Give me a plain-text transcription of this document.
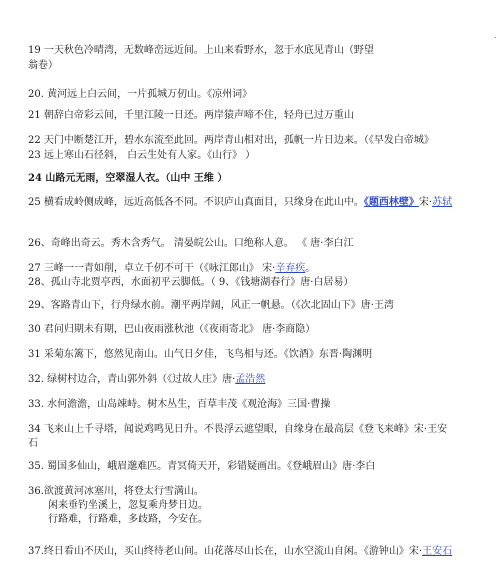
19 一天秋色冷晴湾，无数峰峦远近间。上山来看野水，忽于水底见青山（野望
翁卷）
20. 黄河远上白云间，一片孤城万仞山。《凉州词》
21 朝辞白帝彩云间，千里江陵一日还。两岸猿声啼不住，轻舟已过万重山
22 天门中断楚江开，碧水东流至此回。两岸青山相对出，孤帆一片日边来。（《早发白帝城》
23 远上寒山石径斜， 白云生处有人家。《山行》 ）
24 山路元无雨，空翠湿人衣。（山中 王维 ）
25 横看成岭侧成峰，远近高低各不同。不识庐山真面目，只缘身在此山中。《题西林壁》宋·苏轼
26、奇峰出奇云。秀木含秀气。 清晏皖公山。口绝称人意。 《 唐·李白江
27 三峰一一青如削，卓立千仞不可干（《咏江郎山》 宋·辛弃疾。
28、孤山寺北贾亭西，水面初平云脚低。（ 9、《钱塘湖春行》唐·白居易）
29、客路青山下，行舟绿水前。潮平两岸阔，风正一帆悬。（《次北固山下》唐·王湾
30 君问归期未有期，巴山夜雨涨秋池（《夜雨寄北》 唐·李商隐）
31 采菊东篱下，悠然见南山。山气日夕佳，飞鸟相与还。《饮酒》东晋·陶渊明
32. 绿树村边合，青山郭外斜（《过故人庄》唐·孟浩然
33. 水何澹澹，山岛竦峙。树木丛生，百草丰茂《观沧海》三国·曹操
34 飞来山上千寻塔，闻说鸡鸣见日升。不畏浮云遮望眼，自缘身在最高层《登飞来峰》宋·王安
石
35. 蜀国多仙山，峨眉邈难匹。青冥倚天开，彩错疑画出。《登峨眉山》唐·李白
36.欲渡黄河冰塞川，将登太行雪满山。
闲来垂钓坐溪上，忽复乘舟梦日边。
行路难，行路难，多歧路，今安在。
37.终日看山不厌山，买山终待老山间。山花落尽山长在，山水空流山自闲。《游钟山》宋·王安石
